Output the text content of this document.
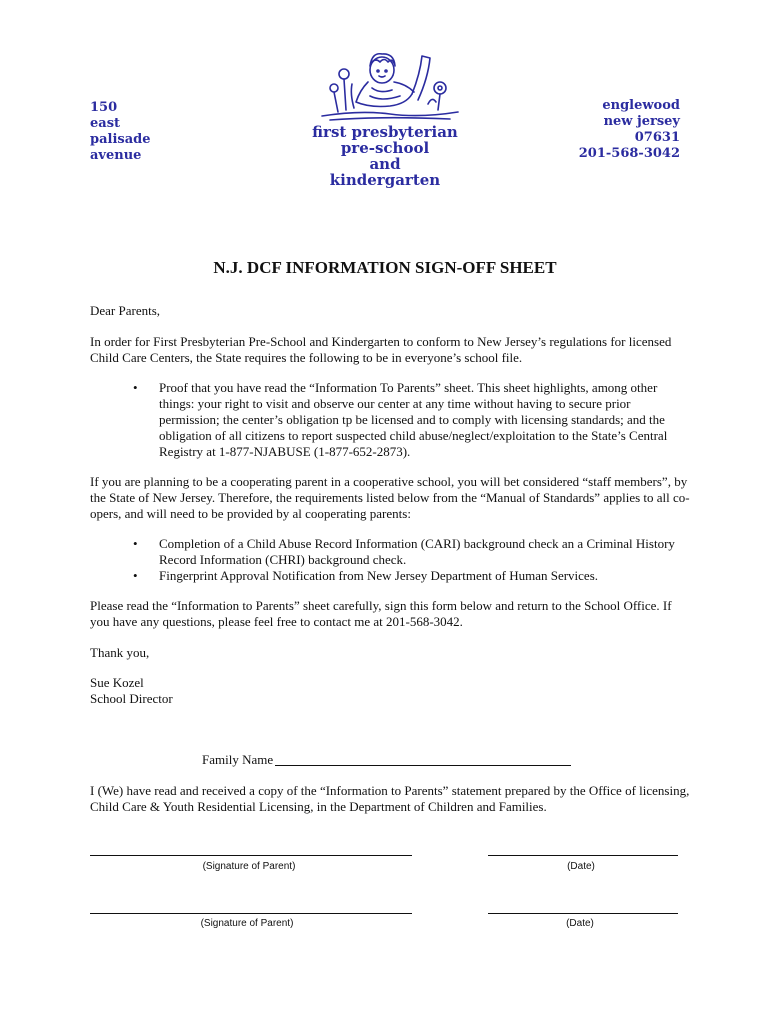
150
east
palisade
avenue
englewood
new jersey
07631
201-568-3042
first presbyterian
pre-school
and
kindergarten
N.J. DCF INFORMATION SIGN-OFF SHEET

Dear Parents,

In order for First Presbyterian Pre-School and Kindergarten to conform to New Jersey’s regulations for licensed Child Care Centers, the State requires the following to be in everyone’s school file.

• Proof that you have read the “Information To Parents” sheet. This sheet highlights, among other things: your right to visit and observe our center at any time without having to secure prior permission; the center’s obligation tp be licensed and to comply with licensing standards; and the obligation of all citizens to report suspected child abuse/neglect/exploitation to the State’s Central Registry at 1-877-NJABUSE (1-877-652-2873).

If you are planning to be a cooperating parent in a cooperative school, you will bet considered “staff members”, by the State of New Jersey. Therefore, the requirements listed below from the “Manual of Standards” applies to all co-opers, and will need to be provided by al cooperating parents:

• Completion of a Child Abuse Record Information (CARI) background check an a Criminal History Record Information (CHRI) background check.
• Fingerprint Approval Notification from New Jersey Department of Human Services.

Please read the “Information to Parents” sheet carefully, sign this form below and return to the School Office. If you have any questions, please feel free to contact me at 201-568-3042.

Thank you,

Sue Kozel

School Director

Family Name

I (We) have read and received a copy of the “Information to Parents” statement prepared by the Office of licensing, Child Care & Youth Residential Licensing, in the Department of Children and Families.

(Signature of Parent)	(Date)
(Signature of Parent)	(Date)
